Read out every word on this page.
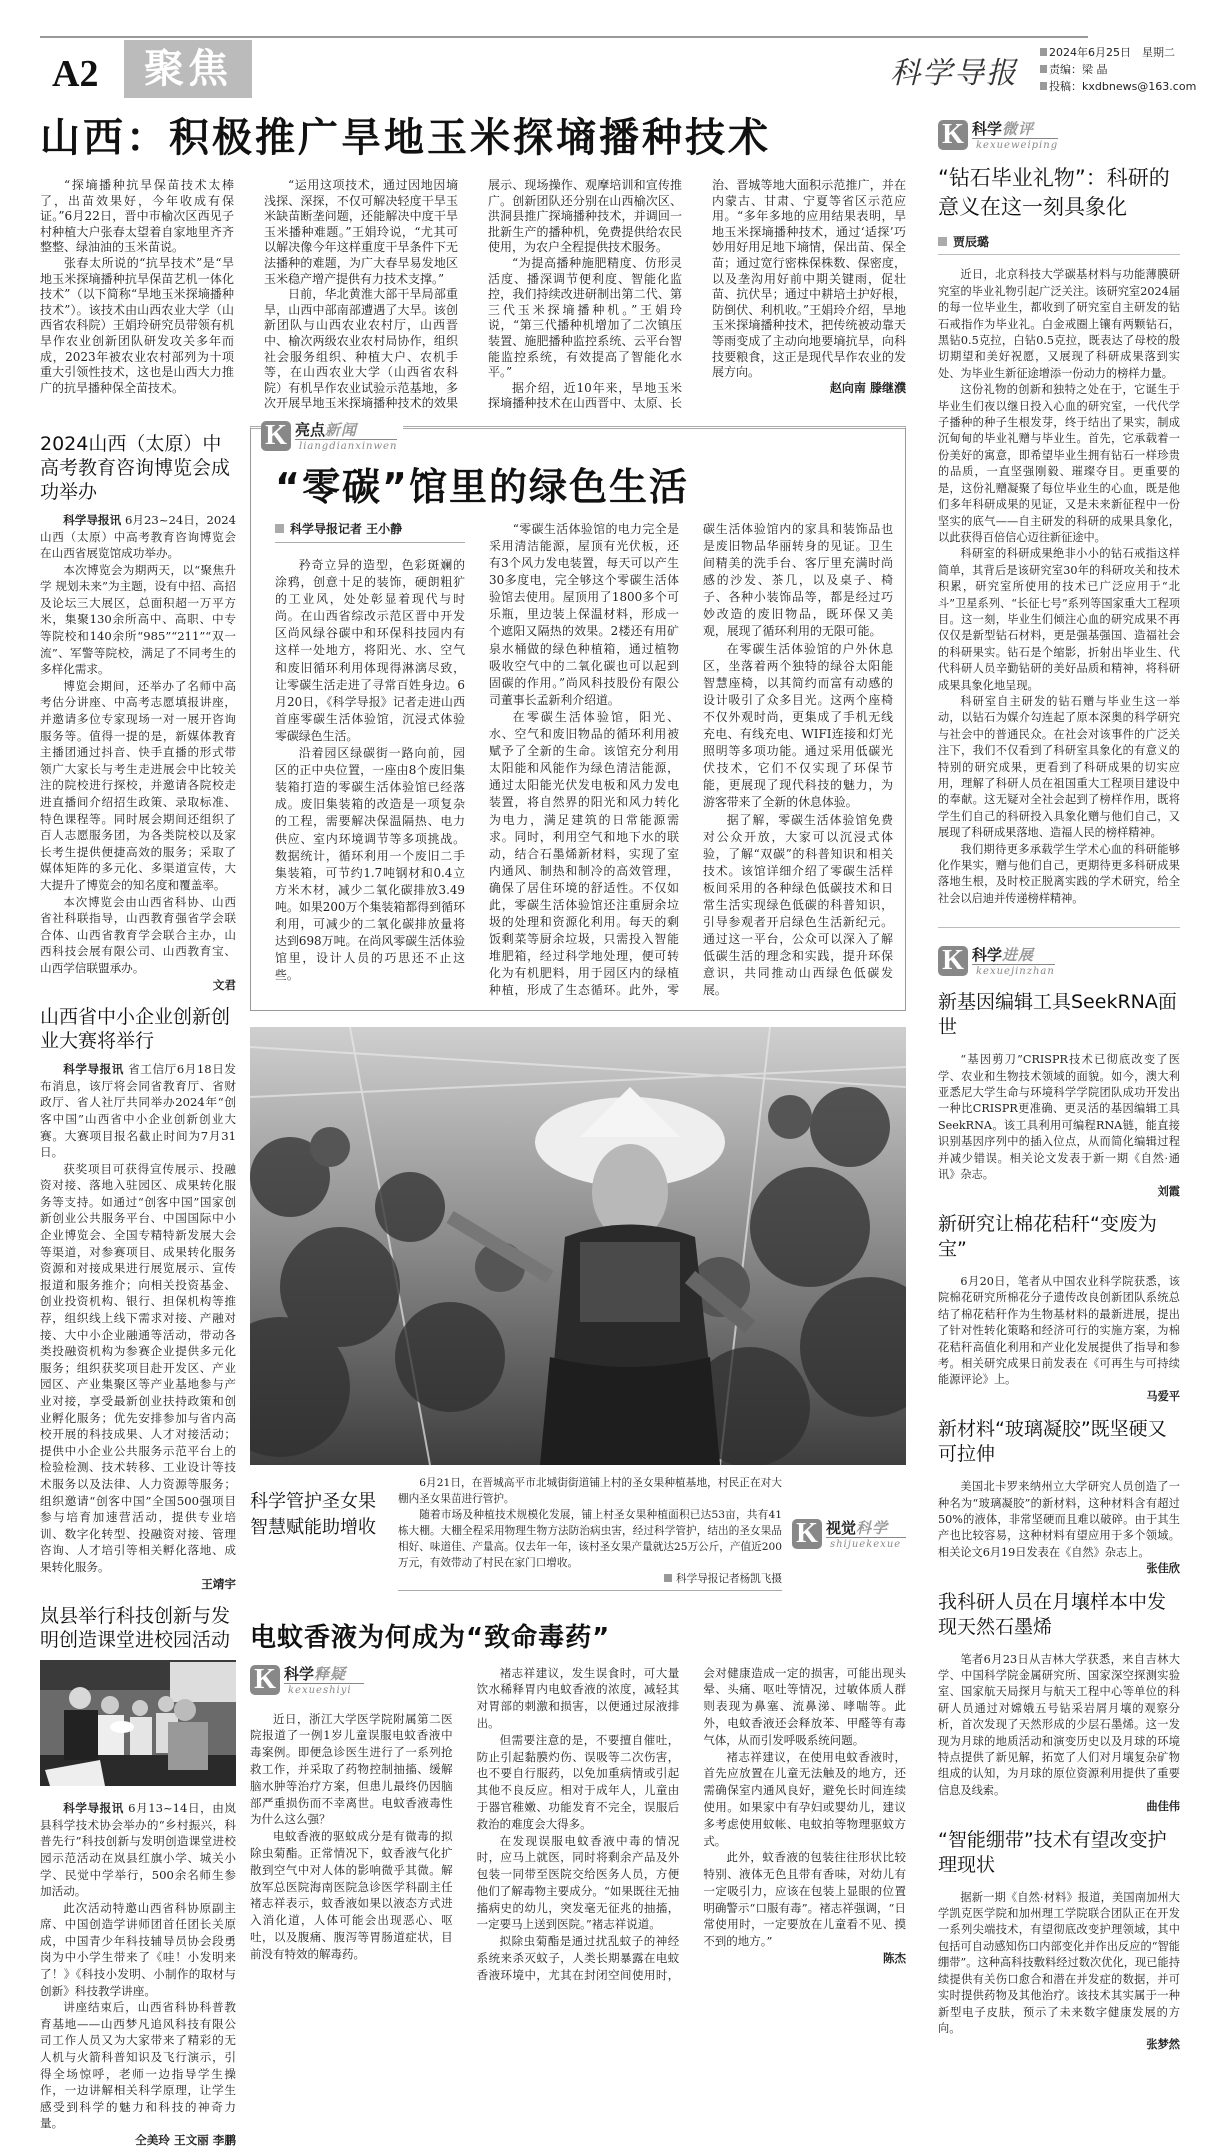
A2	聚焦	科学导报
2024年6月25日　星期二
责编：梁 晶
投稿：kxdbnews@163.com
山西：积极推广旱地玉米探墒播种技术

“探墒播种抗旱保苗技术太棒了，出苗效果好，今年收成有保证。”6月22日，晋中市榆次区西见子村种植大户张春太望着自家地里齐齐整整、绿油油的玉米苗说。

张春太所说的“抗旱技术”是“旱地玉米探墒播种抗旱保苗艺机一体化技术”（以下简称“旱地玉米探墒播种技术”）。该技术由山西农业大学（山西省农科院）王娟玲研究员带领有机旱作农业创新团队研发攻关多年而成，2023年被农业农村部列为十项重大引领性技术，这也是山西大力推广的抗旱播种保全苗技术。

“运用这项技术，通过因地因墒浅探、深探，不仅可解决轻度干旱玉米缺苗断垄问题，还能解决中度干旱玉米播种难题。”王娟玲说，“尤其可以解决像今年这样重度干旱条件下无法播种的难题，为广大春旱易发地区玉米稳产增产提供有力技术支撑。”

日前，华北黄淮大部干旱局部重旱，山西中部南部遭遇了大旱。该创新团队与山西农业农村厅，山西晋中、榆次两级农业农村局协作，组织社会服务组织、种植大户、农机手等，在山西农业大学（山西省农科院）有机旱作农业试验示范基地，多次开展旱地玉米探墒播种技术的效果展示、现场操作、观摩培训和宣传推广。创新团队还分别在山西榆次区、洪洞县推广探墒播种技术，并调回一批新生产的播种机，免费提供给农民使用，为农户全程提供技术服务。

“为提高播种施肥精度、仿形灵活度、播深调节便利度、智能化监控，我们持续改进研制出第二代、第三代玉米探墒播种机。”王娟玲说，“第三代播种机增加了二次镇压装置、施肥播种监控系统、云平台智能监控系统，有效提高了智能化水平。”

据介绍，近10年来，旱地玉米探墒播种技术在山西晋中、太原、长治、晋城等地大面积示范推广，并在内蒙古、甘肃、宁夏等省区示范应用。“多年多地的应用结果表明，旱地玉米探墒播种技术，通过‘适探’巧妙用好用足地下墒情，保出苗、保全苗；通过宽行密株保株数、保密度，以及垄沟用好前中期关键雨，促壮苗、抗伏旱；通过中耕培土护好根，防倒伏、利机收。”王娟玲介绍，旱地玉米探墒播种技术，把传统被动靠天等雨变成了主动向地要墒抗旱，向科技要粮食，这正是现代旱作农业的发展方向。

赵向南 滕继濮
2024山西（太原）中高考教育咨询博览会成功举办

科学导报讯 6月23~24日，2024山西（太原）中高考教育咨询博览会在山西省展览馆成功举办。

本次博览会为期两天，以“聚焦升学 规划未来”为主题，设有中招、高招及论坛三大展区，总面积超一万平方米，集聚130余所高中、高职、中专等院校和140余所“985”“211”“双一流”、军警等院校，满足了不同考生的多样化需求。

博览会期间，还举办了名师中高考估分讲座、中高考志愿填报讲座，并邀请多位专家现场一对一展开咨询服务等。值得一提的是，新媒体教育主播团通过抖音、快手直播的形式带领广大家长与考生走进展会中比较关注的院校进行探校，并邀请各院校走进直播间介绍招生政策、录取标准、特色课程等。同时展会期间还组织了百人志愿服务团，为各类院校以及家长考生提供便捷高效的服务；采取了媒体矩阵的多元化、多渠道宣传，大大提升了博览会的知名度和覆盖率。

本次博览会由山西省科协、山西省社科联指导，山西教育强省学会联合体、山西省教育学会联合主办，山西科技会展有限公司、山西教育宝、山西学信联盟承办。

文君
山西省中小企业创新创业大赛将举行

科学导报讯 省工信厅6月18日发布消息，该厅将会同省教育厅、省财政厅、省人社厅共同举办2024年“创客中国”山西省中小企业创新创业大赛。大赛项目报名截止时间为7月31日。

获奖项目可获得宣传展示、投融资对接、落地入驻园区、成果转化服务等支持。如通过“创客中国”国家创新创业公共服务平台、中国国际中小企业博览会、全国专精特新发展大会等渠道，对参赛项目、成果转化服务资源和对接成果进行展览展示、宣传报道和服务推介；向相关投资基金、创业投资机构、银行、担保机构等推荐，组织线上线下需求对接、产融对接、大中小企业融通等活动，带动各类投融资机构为参赛企业提供多元化服务；组织获奖项目赴开发区、产业园区、产业集聚区等产业基地参与产业对接，享受最新创业扶持政策和创业孵化服务；优先安排参加与省内高校开展的科技成果、人才对接活动；提供中小企业公共服务示范平台上的检验检测、技术转移、工业设计等技术服务以及法律、人力资源等服务；组织邀请“创客中国”全国500强项目参与培育加速营活动，提供专业培训、数字化转型、投融资对接、管理咨询、人才培引等相关孵化落地、成果转化服务。

王靖宇
岚县举行科技创新与发明创造课堂进校园活动

科学导报讯 6月13~14日，由岚县科学技术协会举办的“乡村振兴，科普先行”科技创新与发明创造课堂进校园示范活动在岚县红旗小学、城关小学、民觉中学举行，500余名师生参加活动。

此次活动特邀山西省科协原副主席、中国创造学讲师团首任团长关原成，中国青少年科技辅导员协会段勇岗为中小学生带来了《哇！小发明来了！》《科技小发明、小制作的取材与创新》科技教学讲座。

讲座结束后，山西省科协科普教育基地——山西梦凡追风科技有限公司工作人员又为大家带来了精彩的无人机与火箭科普知识及飞行演示，引得全场惊呼，老师一边指导学生操作，一边讲解相关科学原理，让学生感受到科学的魅力和科技的神奇力量。

仝美玲 王文丽 李鹏
K 亮点新闻
liangdianxinwen
“零碳”馆里的绿色生活
科学导报记者 王小静

矜奇立异的造型，色彩斑斓的涂鸦，创意十足的装饰，硬朗粗犷的工业风，处处彰显着现代与时尚。在山西省综改示范区晋中开发区尚风绿谷碳中和环保科技园内有这样一处地方，将阳光、水、空气和废旧循环利用体现得淋漓尽致，让零碳生活走进了寻常百姓身边。6月20日，《科学导报》记者走进山西首座零碳生活体验馆，沉浸式体验零碳绿色生活。

沿着园区绿碳街一路向前，园区的正中央位置，一座由8个废旧集装箱打造的零碳生活体验馆已经落成。废旧集装箱的改造是一项复杂的工程，需要解决保温隔热、电力供应、室内环境调节等多项挑战。数据统计，循环利用一个废旧二手集装箱，可节约1.7吨钢材和0.4立方米木材，减少二氧化碳排放3.49吨。如果200万个集装箱都得到循环利用，可减少的二氧化碳排放量将达到698万吨。在尚风零碳生活体验馆里，设计人员的巧思还不止这些。

“零碳生活体验馆的电力完全是采用清洁能源，屋顶有光伏板，还有3个风力发电装置，每天可以产生30多度电，完全够这个零碳生活体验馆去使用。屋顶用了1800多个可乐瓶，里边装上保温材料，形成一个遮阳又隔热的效果。2楼还有用矿泉水桶做的绿色种植箱，通过植物吸收空气中的二氧化碳也可以起到固碳的作用。”尚风科技股份有限公司董事长孟新利介绍道。

在零碳生活体验馆，阳光、水、空气和废旧物品的循环利用被赋予了全新的生命。该馆充分利用太阳能和风能作为绿色清洁能源，通过太阳能光伏发电板和风力发电装置，将自然界的阳光和风力转化为电力，满足建筑的日常能源需求。同时，利用空气和地下水的联动，结合石墨烯新材料，实现了室内通风、制热和制冷的高效管理，确保了居住环境的舒适性。不仅如此，零碳生活体验馆还注重厨余垃圾的处理和资源化利用。每天的剩饭剩菜等厨余垃圾，只需投入智能堆肥箱，经过科学地处理，便可转化为有机肥料，用于园区内的绿植种植，形成了生态循环。此外，零碳生活体验馆内的家具和装饰品也是废旧物品华丽转身的见证。卫生间精美的洗手台、客厅里充满时尚感的沙发、茶几，以及桌子、椅子、各种小装饰品等，都是经过巧妙改造的废旧物品，既环保又美观，展现了循环利用的无限可能。

在零碳生活体验馆的户外休息区，坐落着两个独特的绿谷太阳能智慧座椅，以其简约而富有动感的设计吸引了众多目光。这两个座椅不仅外观时尚，更集成了手机无线充电、有线充电、WIFI连接和灯光照明等多项功能。通过采用低碳光伏技术，它们不仅实现了环保节能，更展现了现代科技的魅力，为游客带来了全新的休息体验。

据了解，零碳生活体验馆免费对公众开放，大家可以沉浸式体验，了解“双碳”的科普知识和相关技术。该馆详细介绍了零碳生活样板间采用的各种绿色低碳技术和日常生活实现绿色低碳的科普知识，引导参观者开启绿色生活新纪元。通过这一平台，公众可以深入了解低碳生活的理念和实践，提升环保意识，共同推动山西绿色低碳发展。

科学管护圣女果
智慧赋能助增收

6月21日，在晋城高平市北城街街道铺上村的圣女果种植基地，村民正在对大棚内圣女果苗进行管护。

随着市场及种植技术规模化发展，铺上村圣女果种植面积已达53亩，共有41栋大棚。大棚全程采用物理生物方法防治病虫害，经过科学管护，结出的圣女果品相好、味道佳、产量高。仅去年一年，该村圣女果产量就达25万公斤，产值近200万元，有效带动了村民在家门口增收。

科学导报记者杨凯飞摄
K 视觉科学
shijuekexue
电蚊香液为何成为“致命毒药”
K 科学释疑
kexueshiyi

近日，浙江大学医学院附属第二医院报道了一例1岁儿童误服电蚊香液中毒案例。即便急诊医生进行了一系列抢救工作，并采取了药物控制抽搐、缓解脑水肿等治疗方案，但患儿最终仍因脑部严重损伤而不幸离世。电蚊香液毒性为什么这么强？

电蚊香液的驱蚊成分是有微毒的拟除虫菊酯。正常情况下，蚊香液气化扩散到空气中对人体的影响微乎其微。解放军总医院海南医院急诊医学科副主任褚志祥表示，蚊香液如果以液态方式进入消化道，人体可能会出现恶心、呕吐，以及腹痛、腹泻等胃肠道症状，目前没有特效的解毒药。

褚志祥建议，发生误食时，可大量饮水稀释胃内电蚊香液的浓度，减轻其对胃部的刺激和损害，以便通过尿液排出。

但需要注意的是，不要擅自催吐，防止引起黏膜灼伤、误吸等二次伤害，也不要自行服药，以免加重病情或引起其他不良反应。相对于成年人，儿童由于器官稚嫩、功能发育不完全，误服后救治的难度会大得多。

在发现误服电蚊香液中毒的情况时，应马上就医，同时将剩余产品及外包装一同带至医院交给医务人员，方便他们了解毒物主要成分。“如果既往无抽搐病史的幼儿，突发毫无征兆的抽搐，一定要马上送到医院。”褚志祥说道。

拟除虫菊酯是通过扰乱蚊子的神经系统来杀灭蚊子，人类长期暴露在电蚊香液环境中，尤其在封闭空间使用时，会对健康造成一定的损害，可能出现头晕、头痛、呕吐等情况，过敏体质人群则表现为鼻塞、流鼻涕、哮喘等。此外，电蚊香液还会释放苯、甲醛等有毒气体，从而引发呼吸系统问题。

褚志祥建议，在使用电蚊香液时，首先应放置在儿童无法触及的地方，还需确保室内通风良好，避免长时间连续使用。如果家中有孕妇或婴幼儿，建议多考虑使用蚊帐、电蚊拍等物理驱蚊方式。

此外，蚊香液的包装往往形状比较特别、液体无色且带有香味，对幼儿有一定吸引力，应该在包装上显眼的位置明确警示“口服有毒”。褚志祥强调，“日常使用时，一定要放在儿童看不见、摸不到的地方。”

陈杰
K 科学微评
kexueweiping
“钻石毕业礼物”：科研的意义在这一刻具象化
贾辰璐

近日，北京科技大学碳基材料与功能薄膜研究室的毕业礼物引起广泛关注。该研究室2024届的每一位毕业生，都收到了研究室自主研发的钻石戒指作为毕业礼。白金戒圈上镶有两颗钻石，黑钻0.5克拉，白钻0.5克拉，既表达了母校的殷切期望和美好祝愿，又展现了科研成果落到实处、为毕业生新征途增添一份动力的榜样力量。

这份礼物的创新和独特之处在于，它诞生于毕业生们夜以继日投入心血的研究室，一代代学子播种的种子生根发芽，终于结出了果实，制成沉甸甸的毕业礼赠与毕业生。首先，它承载着一份美好的寓意，即希望毕业生拥有钻石一样珍贵的品质，一直坚强刚毅、璀璨夺目。更重要的是，这份礼赠凝聚了每位毕业生的心血，既是他们多年科研成果的见证，又是未来新征程中一份坚实的底气——自主研发的科研的成果具象化，以此获得百倍信心迈往新征途中。

科研室的科研成果绝非小小的钻石戒指这样简单，其背后是该研究室30年的科研攻关和技术积累，研究室所使用的技术已广泛应用于“北斗”卫星系列、“长征七号”系列等国家重大工程项目。这一刻，毕业生们倾注心血的研究成果不再仅仅是新型钻石材料，更是强基强国、造福社会的科研果实。钻石是个缩影，折射出毕业生、代代科研人员辛勤钻研的美好品质和精神，将科研成果具象化地呈现。

科研室自主研发的钻石赠与毕业生这一举动，以钻石为媒介勾连起了原本深奥的科学研究与社会中的普通民众。在社会对该事件的广泛关注下，我们不仅看到了科研室具象化的有意义的特别的研究成果，更看到了科研成果的切实应用，理解了科研人员在祖国重大工程项目建设中的奉献。这无疑对全社会起到了榜样作用，既将学生们自己的科研投入具象化赠与他们自己，又展现了科研成果落地、造福人民的榜样精神。

我们期待更多承载学生学术心血的科研能够化作果实，赠与他们自己，更期待更多科研成果落地生根，及时校正脱离实践的学术研究，给全社会以启迪并传递榜样精神。

K 科学进展
kexuejinzhan
新基因编辑工具SeekRNA面世

“基因剪刀”CRISPR技术已彻底改变了医学、农业和生物技术领域的面貌。如今，澳大利亚悉尼大学生命与环境科学学院团队成功开发出一种比CRISPR更准确、更灵活的基因编辑工具SeekRNA。该工具利用可编程RNA链，能直接识别基因序列中的插入位点，从而简化编辑过程并减少错误。相关论文发表于新一期《自然·通讯》杂志。

刘霞
新研究让棉花秸秆“变废为宝”

6月20日，笔者从中国农业科学院获悉，该院棉花研究所棉花分子遗传改良创新团队系统总结了棉花秸秆作为生物基材料的最新进展，提出了针对性转化策略和经济可行的实施方案，为棉花秸秆高值化利用和产业化发展提供了指导和参考。相关研究成果日前发表在《可再生与可持续能源评论》上。

马爱平
新材料“玻璃凝胶”既坚硬又可拉伸

美国北卡罗来纳州立大学研究人员创造了一种名为“玻璃凝胶”的新材料，这种材料含有超过50%的液体，非常坚硬而且难以破碎。由于其生产也比较容易，这种材料有望应用于多个领域。相关论文6月19日发表在《自然》杂志上。

张佳欣
我科研人员在月壤样本中发现天然石墨烯

笔者6月23日从吉林大学获悉，来自吉林大学、中国科学院金属研究所、国家深空探测实验室、国家航天局探月与航天工程中心等单位的科研人员通过对嫦娥五号钻采岩屑月壤的观察分析，首次发现了天然形成的少层石墨烯。这一发现为月球的地质活动和演变历史以及月球的环境特点提供了新见解，拓宽了人们对月壤复杂矿物组成的认知，为月球的原位资源利用提供了重要信息及线索。

曲佳伟
“智能绷带”技术有望改变护理现状

据新一期《自然·材料》报道，美国南加州大学凯克医学院和加州理工学院联合团队正在开发一系列尖端技术，有望彻底改变护理领域，其中包括可自动感知伤口内部变化并作出反应的“智能绷带”。这种高科技敷料经过数次优化，现已能持续提供有关伤口愈合和潜在并发症的数据，并可实时提供药物及其他治疗。该技术其实属于一种新型电子皮肤，预示了未来数字健康发展的方向。

张梦然
